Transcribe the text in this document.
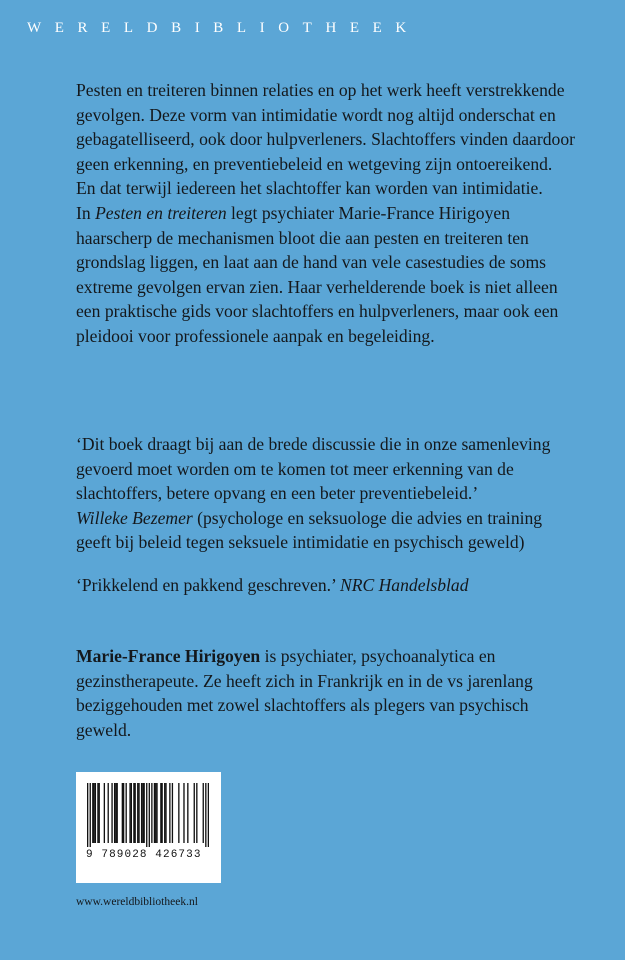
WERELDBIBLIOTHEEK

Pesten en treiteren binnen relaties en op het werk heeft verstrekkende gevolgen. Deze vorm van intimidatie wordt nog altijd onderschat en gebagatelliseerd, ook door hulpverleners. Slachtoffers vinden daardoor geen erkenning, en preventiebeleid en wetgeving zijn ontoereikend. En dat terwijl iedereen het slachtoffer kan worden van intimidatie.

In Pesten en treiteren legt psychiater Marie-France Hirigoyen haarscherp de mechanismen bloot die aan pesten en treiteren ten grondslag liggen, en laat aan de hand van vele casestudies de soms extreme gevolgen ervan zien. Haar verhelderende boek is niet alleen een praktische gids voor slachtoffers en hulpverleners, maar ook een pleidooi voor professionele aanpak en begeleiding.

‘Dit boek draagt bij aan de brede discussie die in onze samenleving gevoerd moet worden om te komen tot meer erkenning van de slachtoffers, betere opvang en een beter preventiebeleid.’
Willeke Bezemer (psychologe en seksuologe die advies en training geeft bij beleid tegen seksuele intimidatie en psychisch geweld)

‘Prikkelend en pakkend geschreven.’ NRC Handelsblad

Marie-France Hirigoyen is psychiater, psychoanalytica en gezinstherapeute. Ze heeft zich in Frankrijk en in de vs jarenlang beziggehouden met zowel slachtoffers als plegers van psychisch geweld.

9 789028 426733
www.wereldbibliotheek.nl
